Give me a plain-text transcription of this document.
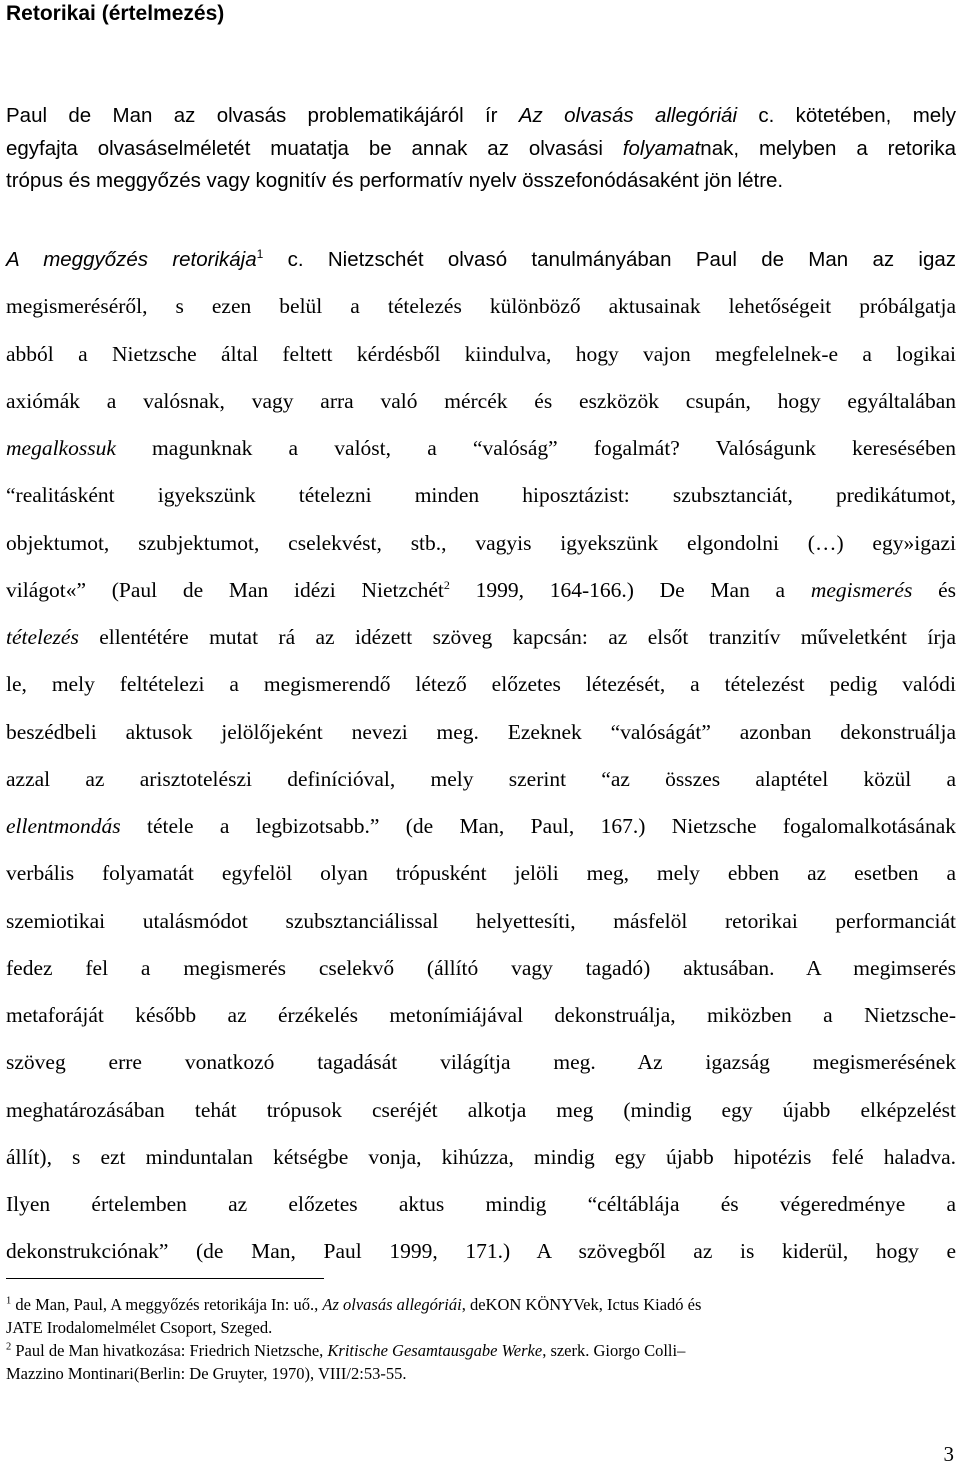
Retorikai (értelmezés)
Paul de Man az olvasás problematikájáról ír Az olvasás allegóriái c. kötetében, mely
egyfajta olvasáselméletét muatatja be annak az olvasási folyamatnak, melyben a retorika
trópus és meggyőzés vagy kognitív és performatív nyelv összefonódásaként jön létre.
A meggyőzés retorikája$^1$ c. Nietzschét olvasó tanulmányában Paul de Man az igaz
megismeréséről, s ezen belül a tételezés különböző aktusainak lehetőségeit próbálgatja
abból a Nietzsche által feltett kérdésből kiindulva, hogy vajon megfelelnek-e a logikai
axiómák a valósnak, vagy arra való mércék és eszközök csupán, hogy egyáltalában
megalkossuk magunknak a valóst, a “valóság” fogalmát? Valóságunk keresésében
“realitásként igyekszünk tételezni minden hiposztázist: szubsztanciát, predikátumot,
objektumot, szubjektumot, cselekvést, stb., vagyis igyekszünk elgondolni (…) egy»igazi
világot«” (Paul de Man idézi Nietzchét$^2$ 1999, 164-166.) De Man a megismerés és
tételezés ellentétére mutat rá az idézett szöveg kapcsán: az elsőt tranzitív műveletként írja
le, mely feltételezi a megismerendő létező előzetes létezését, a tételezést pedig valódi
beszédbeli aktusok jelölőjeként nevezi meg. Ezeknek “valóságát” azonban dekonstruálja
azzal az arisztotelészi definícióval, mely szerint “az összes alaptétel közül a
ellentmondás tétele a legbizotsabb.” (de Man, Paul, 167.) Nietzsche fogalomalkotásának
verbális folyamatát egyfelöl olyan trópusként jelöli meg, mely ebben az esetben a
szemiotikai utalásmódot szubsztanciálissal helyettesíti, másfelöl retorikai performanciát
fedez fel a megismerés cselekvő (állító vagy tagadó) aktusában. A megimserés
metaforáját később az érzékelés metonímiájával dekonstruálja, miközben a Nietzsche-
szöveg erre vonatkozó tagadását világítja meg. Az igazság megismerésének
meghatározásában tehát trópusok cseréjét alkotja meg (mindig egy újabb elképzelést
állít), s ezt minduntalan kétségbe vonja, kihúzza, mindig egy újabb hipotézis felé haladva.
Ilyen értelemben az előzetes aktus mindig “céltáblája és végeredménye a
dekonstrukciónak” (de Man, Paul 1999, 171.) A szövegből az is kiderül, hogy e
$^1$ de Man, Paul, A meggyőzés retorikája In: uő., Az olvasás allegóriái, deKON KÖNYVek, Ictus Kiadó és
JATE Irodalomelmélet Csoport, Szeged.
$^2$ Paul de Man hivatkozása: Friedrich Nietzsche, Kritische Gesamtausgabe Werke, szerk. Giorgo Colli–
Mazzino Montinari(Berlin: De Gruyter, 1970), VIII/2:53-55.
3
